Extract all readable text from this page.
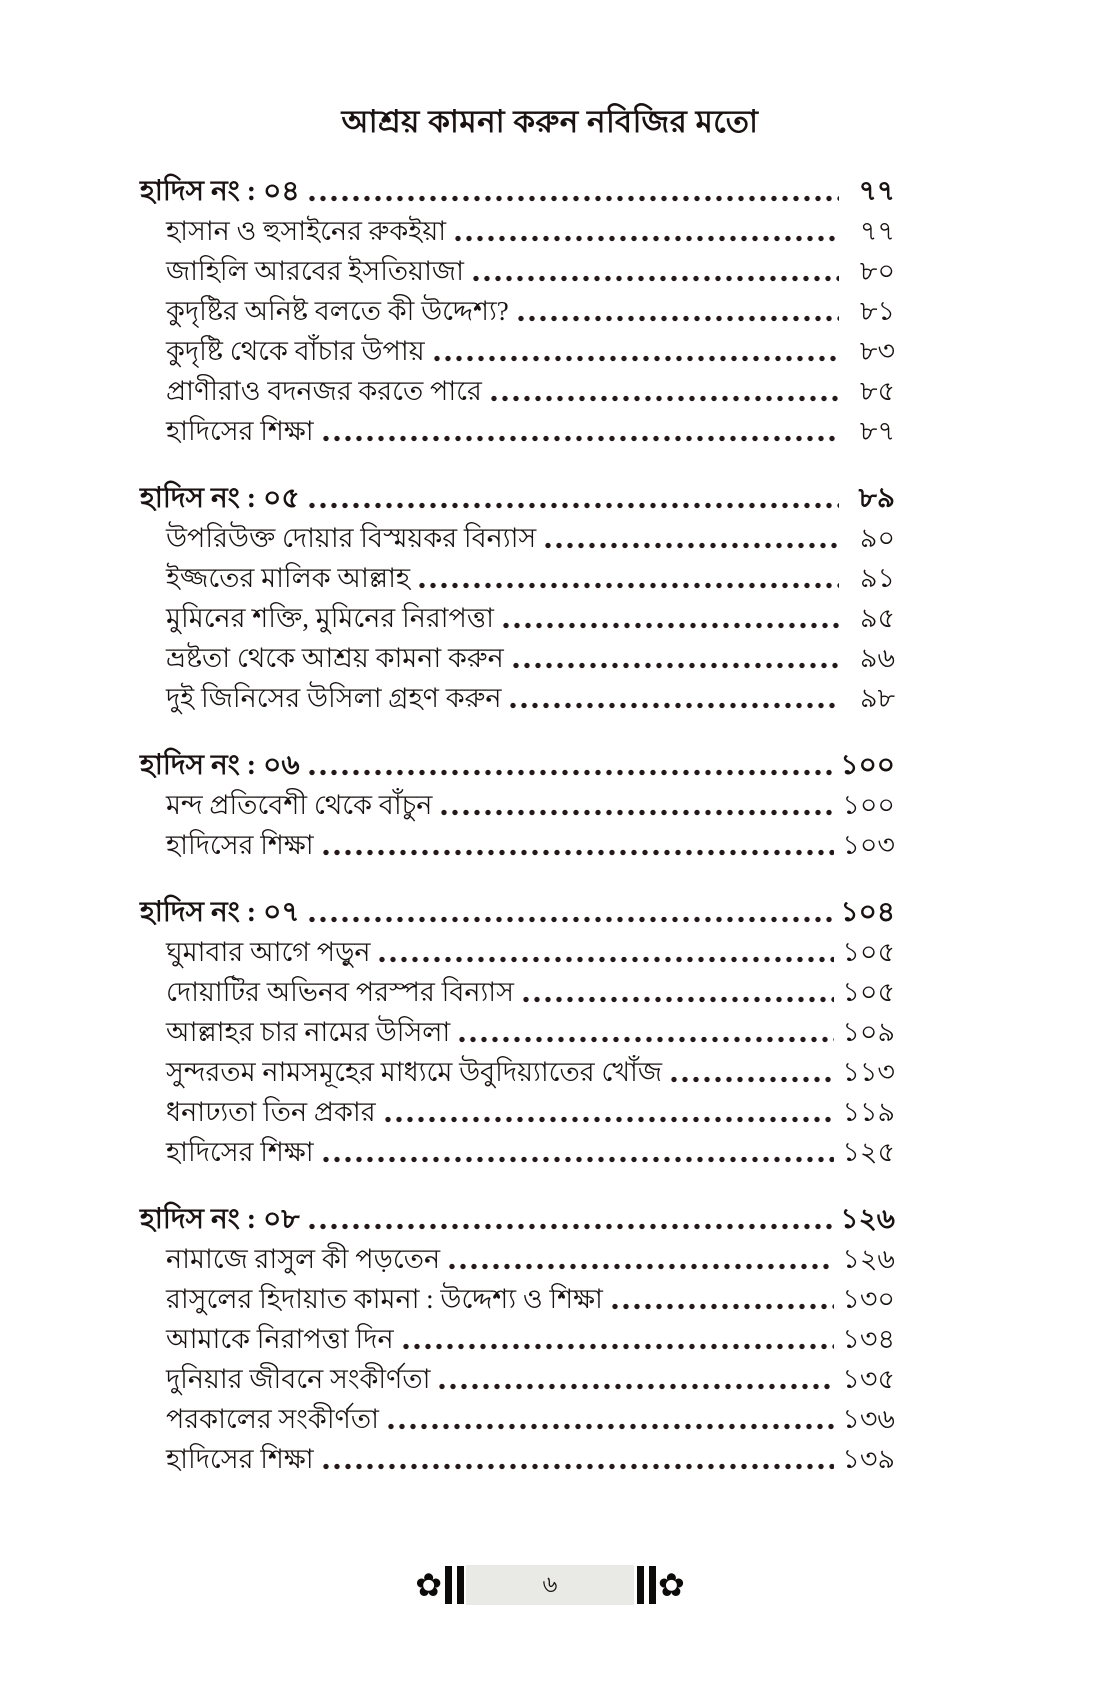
আশ্রয় কামনা করুন নবিজির মতো
হাদিস নং : ০৪	৭৭
হাসান ও হুসাইনের রুকইয়া	৭৭
জাহিলি আরবের ইসতিয়াজা	৮০
কুদৃষ্টির অনিষ্ট বলতে কী উদ্দেশ্য?	৮১
কুদৃষ্টি থেকে বাঁচার উপায়	৮৩
প্রাণীরাও বদনজর করতে পারে	৮৫
হাদিসের শিক্ষা	৮৭
হাদিস নং : ০৫	৮৯
উপরিউক্ত দোয়ার বিস্ময়কর বিন্যাস	৯০
ইজ্জতের মালিক আল্লাহ	৯১
মুমিনের শক্তি, মুমিনের নিরাপত্তা	৯৫
ভ্রষ্টতা থেকে আশ্রয় কামনা করুন	৯৬
দুই জিনিসের উসিলা গ্রহণ করুন	৯৮
হাদিস নং : ০৬	১০০
মন্দ প্রতিবেশী থেকে বাঁচুন	১০০
হাদিসের শিক্ষা	১০৩
হাদিস নং : ০৭	১০৪
ঘুমাবার আগে পড়ুন	১০৫
দোয়াটির অভিনব পরস্পর বিন্যাস	১০৫
আল্লাহর চার নামের উসিলা	১০৯
সুন্দরতম নামসমূহের মাধ্যমে উবুদিয়্যাতের খোঁজ	১১৩
ধনাঢ্যতা তিন প্রকার	১১৯
হাদিসের শিক্ষা	১২৫
হাদিস নং : ০৮	১২৬
নামাজে রাসুল কী পড়তেন	১২৬
রাসুলের হিদায়াত কামনা : উদ্দেশ্য ও শিক্ষা	১৩০
আমাকে নিরাপত্তা দিন	১৩৪
দুনিয়ার জীবনে সংকীর্ণতা	১৩৫
পরকালের সংকীর্ণতা	১৩৬
হাদিসের শিক্ষা	১৩৯
✿	৬	✿
